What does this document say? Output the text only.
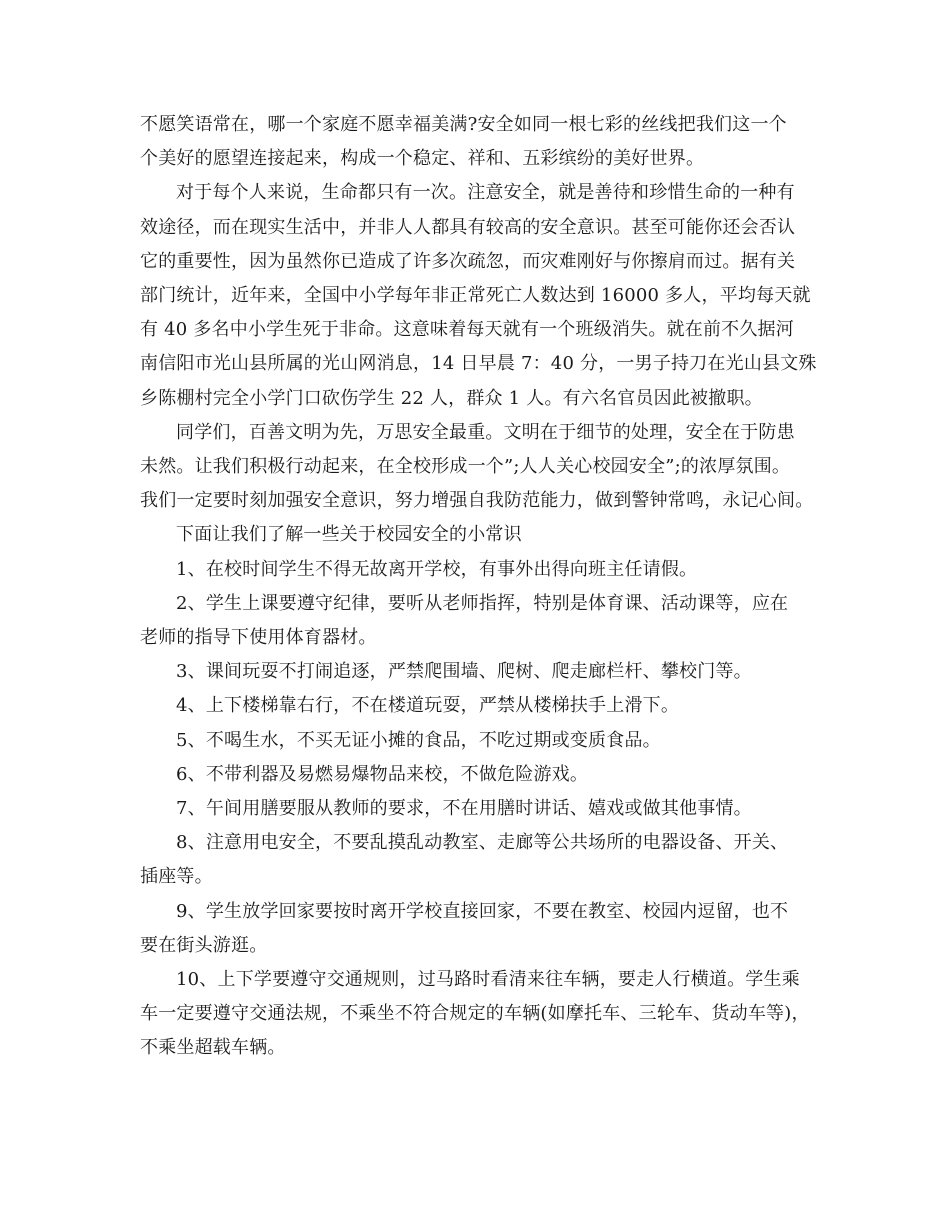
不愿笑语常在，哪一个家庭不愿幸福美满?安全如同一根七彩的丝线把我们这一个
个美好的愿望连接起来，构成一个稳定、祥和、五彩缤纷的美好世界。
对于每个人来说，生命都只有一次。注意安全，就是善待和珍惜生命的一种有
效途径，而在现实生活中，并非人人都具有较高的安全意识。甚至可能你还会否认
它的重要性，因为虽然你已造成了许多次疏忽，而灾难刚好与你擦肩而过。据有关
部门统计，近年来，全国中小学每年非正常死亡人数达到 16000 多人，平均每天就
有 40 多名中小学生死于非命。这意味着每天就有一个班级消失。就在前不久据河
南信阳市光山县所属的光山网消息，14 日早晨 7：40 分，一男子持刀在光山县文殊
乡陈棚村完全小学门口砍伤学生 22 人，群众 1 人。有六名官员因此被撤职。
同学们，百善文明为先，万思安全最重。文明在于细节的处理，安全在于防患
未然。让我们积极行动起来，在全校形成一个”;人人关心校园安全”;的浓厚氛围。
我们一定要时刻加强安全意识，努力增强自我防范能力，做到警钟常鸣，永记心间。
下面让我们了解一些关于校园安全的小常识
1、在校时间学生不得无故离开学校，有事外出得向班主任请假。
2、学生上课要遵守纪律，要听从老师指挥，特别是体育课、活动课等，应在
老师的指导下使用体育器材。
3、课间玩耍不打闹追逐，严禁爬围墙、爬树、爬走廊栏杆、攀校门等。
4、上下楼梯靠右行，不在楼道玩耍，严禁从楼梯扶手上滑下。
5、不喝生水，不买无证小摊的食品，不吃过期或变质食品。
6、不带利器及易燃易爆物品来校，不做危险游戏。
7、午间用膳要服从教师的要求，不在用膳时讲话、嬉戏或做其他事情。
8、注意用电安全，不要乱摸乱动教室、走廊等公共场所的电器设备、开关、
插座等。
9、学生放学回家要按时离开学校直接回家，不要在教室、校园内逗留，也不
要在街头游逛。
10、上下学要遵守交通规则，过马路时看清来往车辆，要走人行横道。学生乘
车一定要遵守交通法规，不乘坐不符合规定的车辆(如摩托车、三轮车、货动车等)，
不乘坐超载车辆。
